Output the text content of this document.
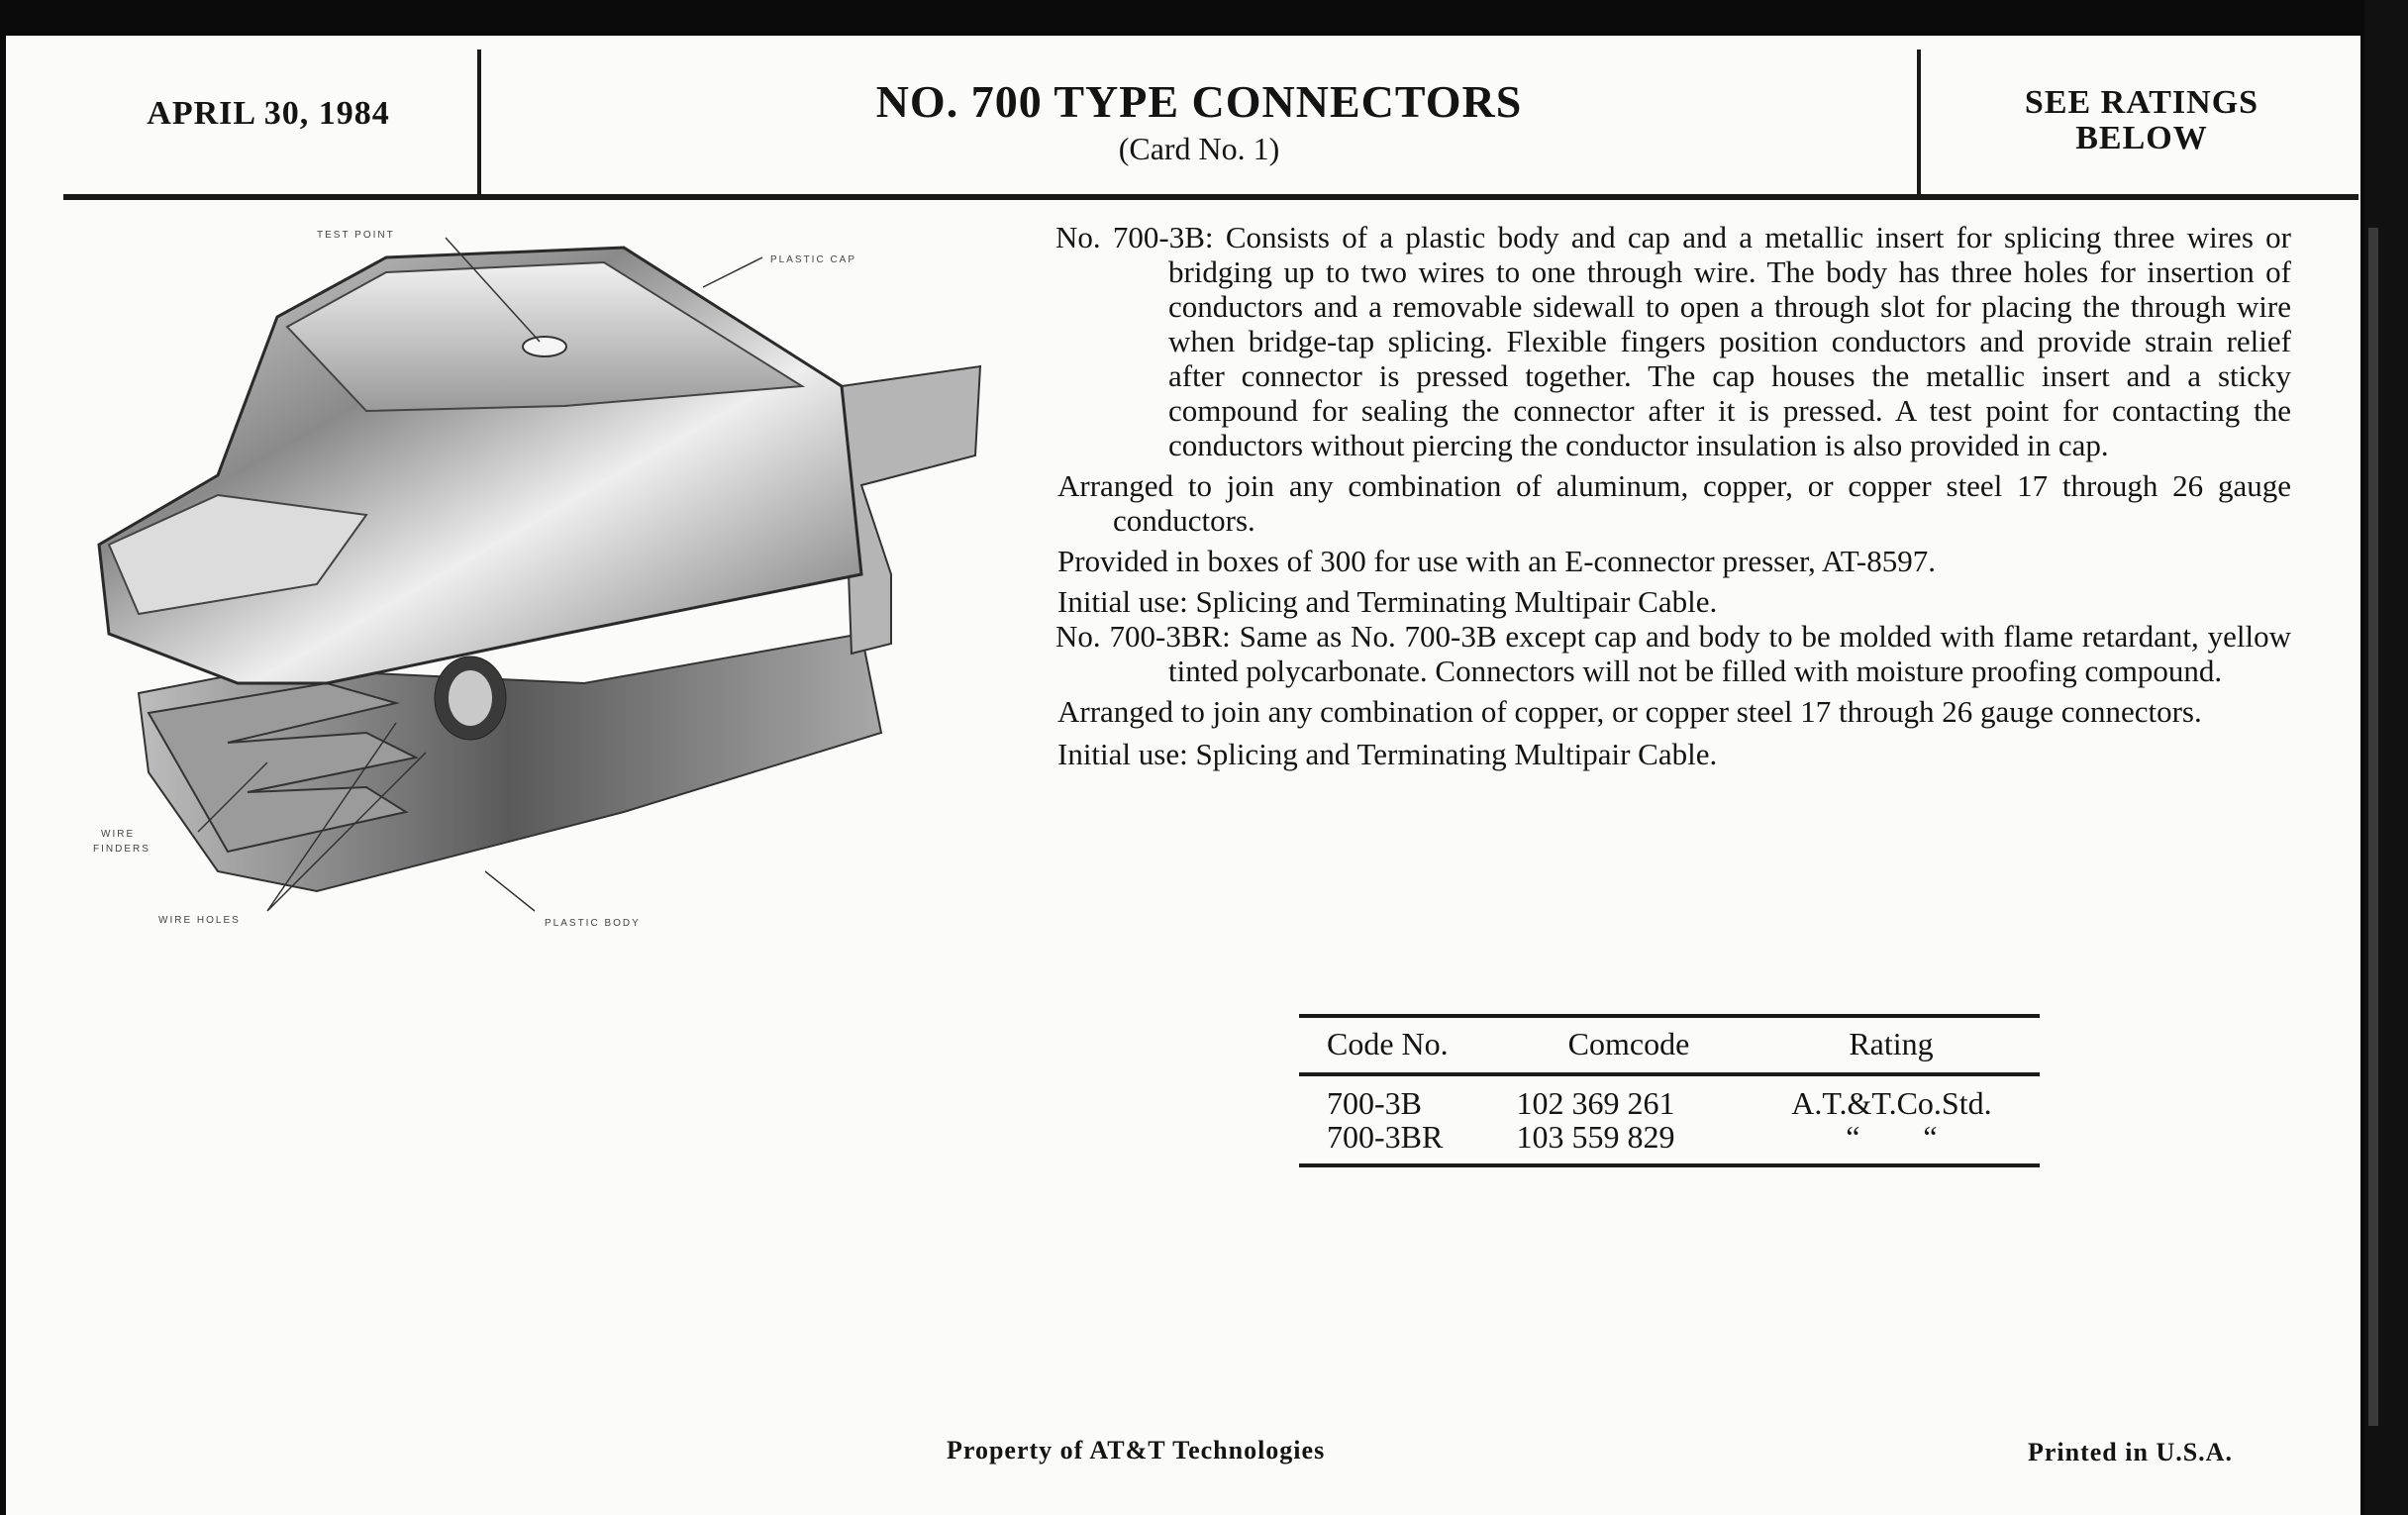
APRIL 30, 1984	NO. 700 TYPE CONNECTORS
(Card No. 1)
SEE RATINGS
BELOW
TEST POINT
PLASTIC CAP
WIRE
FINDERS
WIRE HOLES	PLASTIC BODY

No. 700-3B: Consists of a plastic body and cap and a metallic insert for splicing three wires or bridging up to two wires to one through wire. The body has three holes for insertion of conductors and a removable sidewall to open a through slot for placing the through wire when bridge-tap splicing. Flexible fingers position conductors and provide strain relief after connector is pressed together. The cap houses the metallic insert and a sticky compound for sealing the connector after it is pressed. A test point for contacting the conductors without piercing the conductor insulation is also provided in cap.

Arranged to join any combination of aluminum, copper, or copper steel 17 through 26 gauge conductors.

Provided in boxes of 300 for use with an E-connector presser, AT-8597.

Initial use: Splicing and Terminating Multipair Cable.

No. 700-3BR: Same as No. 700-3B except cap and body to be molded with flame retardant, yellow tinted polycarbonate. Connectors will not be filled with moisture proofing compound.

Arranged to join any combination of copper, or copper steel 17 through 26 gauge connectors.

Initial use: Splicing and Terminating Multipair Cable.

Code No.	Comcode	Rating
700-3B	102 369 261	A.T.&T.Co.Std.
700-3BR	103 559 829	“        “
Property of AT&T Technologies	Printed in U.S.A.
